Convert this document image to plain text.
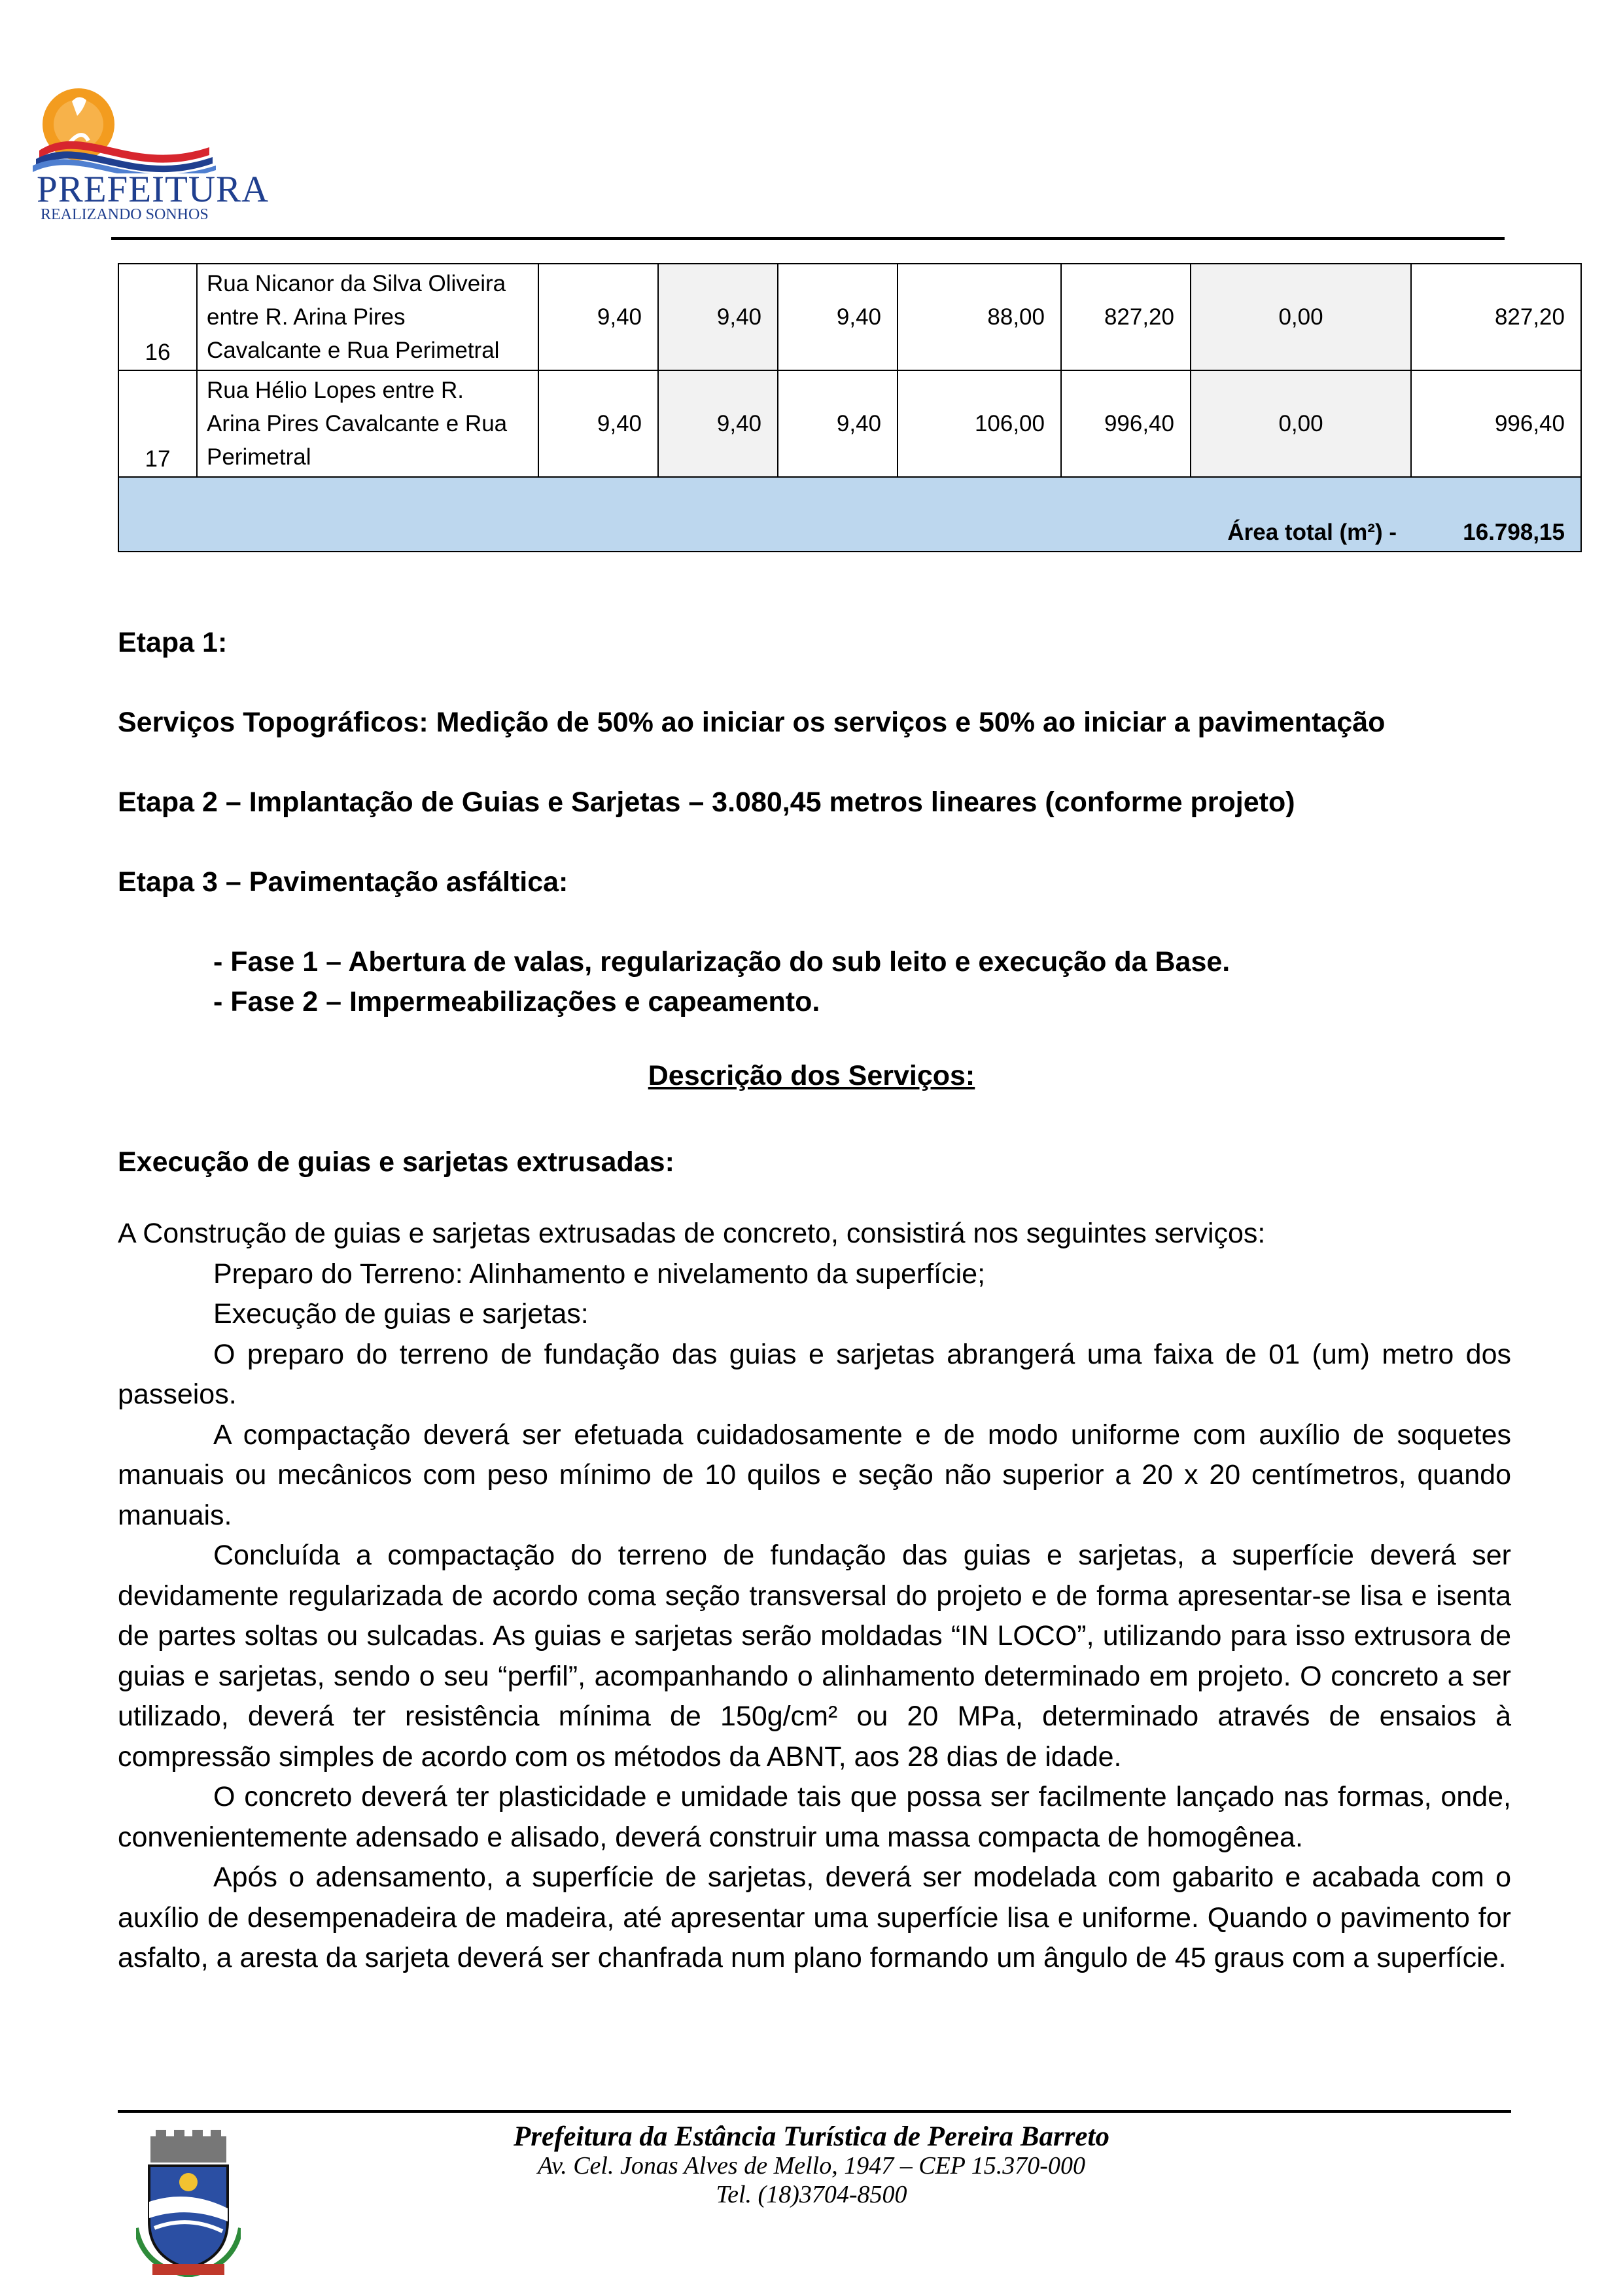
PREFEITURA
REALIZANDO SONHOS
16	Rua Nicanor da Silva Oliveira
entre R. Arina Pires
Cavalcante e Rua Perimetral	9,40	9,40	9,40	88,00	827,20	0,00	827,20
17	Rua Hélio Lopes entre R.
Arina Pires Cavalcante e Rua
Perimetral	9,40	9,40	9,40	106,00	996,40	0,00	996,40
Área total (m²) -								16.798,15
Etapa 1:
Serviços Topográficos: Medição de 50% ao iniciar os serviços e 50% ao iniciar a pavimentação
Etapa 2 – Implantação de Guias e Sarjetas – 3.080,45 metros lineares (conforme projeto)
Etapa 3 – Pavimentação asfáltica:
- Fase 1 – Abertura de valas, regularização do sub leito e execução da Base.
- Fase 2 – Impermeabilizações e capeamento.
Descrição dos Serviços:
Execução de guias e sarjetas extrusadas:

A Construção de guias e sarjetas extrusadas de concreto, consistirá nos seguintes serviços:

Preparo do Terreno: Alinhamento e nivelamento da superfície;

Execução de guias e sarjetas:

O preparo do terreno de fundação das guias e sarjetas abrangerá uma faixa de 01 (um) metro dos passeios.

A compactação deverá ser efetuada cuidadosamente e de modo uniforme com auxílio de soquetes manuais ou mecânicos com peso mínimo de 10 quilos e seção não superior a 20 x 20 centímetros, quando manuais.

Concluída a compactação do terreno de fundação das guias e sarjetas, a superfície deverá ser devidamente regularizada de acordo coma seção transversal do projeto e de forma apresentar-se lisa e isenta de partes soltas ou sulcadas. As guias e sarjetas serão moldadas “IN LOCO”, utilizando para isso extrusora de guias e sarjetas, sendo o seu “perfil”, acompanhando o alinhamento determinado em projeto. O concreto a ser utilizado, deverá ter resistência mínima de 150g/cm² ou 20 MPa, determinado através de ensaios à compressão simples de acordo com os métodos da ABNT, aos 28 dias de idade.

O concreto deverá ter plasticidade e umidade tais que possa ser facilmente lançado nas formas, onde, convenientemente adensado e alisado, deverá construir uma massa compacta de homogênea.

Após o adensamento, a superfície de sarjetas, deverá ser modelada com gabarito e acabada com o auxílio de desempenadeira de madeira, até apresentar uma superfície lisa e uniforme. Quando o pavimento for asfalto, a aresta da sarjeta deverá ser chanfrada num plano formando um ângulo de 45 graus com a superfície.

Prefeitura da Estância Turística de Pereira Barreto
Av. Cel. Jonas Alves de Mello, 1947 – CEP 15.370-000
Tel. (18)3704-8500
